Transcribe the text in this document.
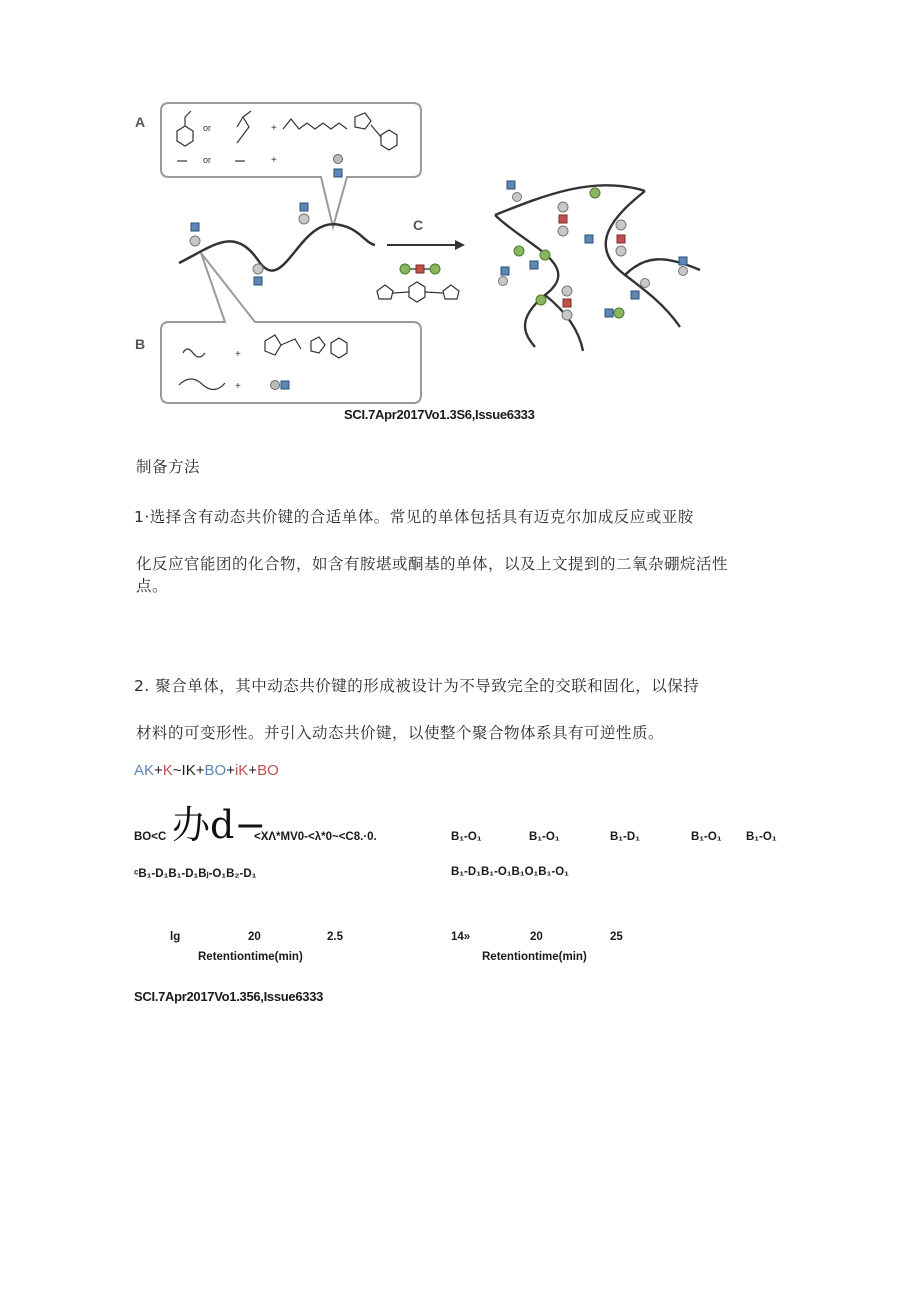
A	or	+
or	+
B
+
+
C
SCI.7Apr2017Vo1.3S6,Issue6333
制备方法
1·选择含有动态共价键的合适单体。常见的单体包括具有迈克尔加成反应或亚胺
化反应官能团的化合物，如含有胺堪或酮基的单体，以及上文提到的二氧杂硼烷活性
点。
2. 聚合单体，其中动态共价键的形成被设计为不导致完全的交联和固化，以保持
材料的可变形性。并引入动态共价键，以使整个聚合物体系具有可逆性质。
AK+K~IK+BO+iK+BO
BO<C 办d−
<XΛ*MV0-<λ*0~<C8.·0.
ᶜB₁-D₁B₁-D₁Bⱼ-O₁B₂-D₁
lg	20	2.5
Retentiontime(min)
B₁-O₁	B₁-O₁	B₁-D₁	B₁-O₁ B₁-O₁
B₁-D₁B₁-O₁B₁O₁B₁-O₁
14»	20	25
Retentiontime(min)
SCI.7Apr2017Vo1.356,Issue6333
